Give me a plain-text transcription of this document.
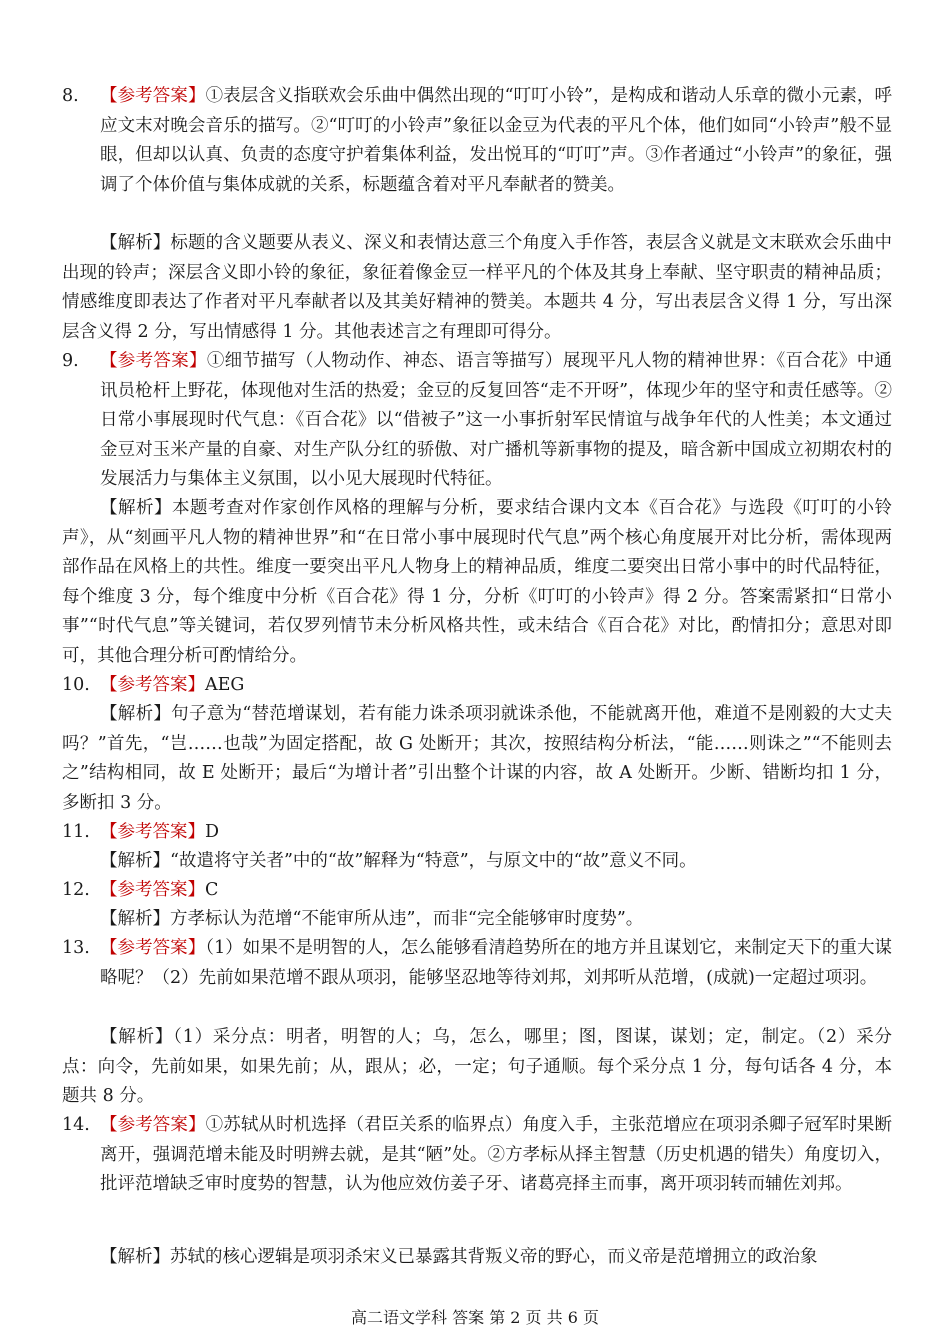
8.	【参考答案】①表层含义指联欢会乐曲中偶然出现的“叮叮小铃”，是构成和谐动人乐章的微小元素，呼应文末对晚会音乐的描写。②“叮叮的小铃声”象征以金豆为代表的平凡个体，他们如同“小铃声”般不显眼，但却以认真、负责的态度守护着集体利益，发出悦耳的“叮叮”声。③作者通过“小铃声”的象征，强调了个体价值与集体成就的关系，标题蕴含着对平凡奉献者的赞美。
【解析】标题的含义题要从表义、深义和表情达意三个角度入手作答，表层含义就是文末联欢会乐曲中出现的铃声；深层含义即小铃的象征，象征着像金豆一样平凡的个体及其身上奉献、坚守职责的精神品质；情感维度即表达了作者对平凡奉献者以及其美好精神的赞美。本题共 4 分，写出表层含义得 1 分，写出深层含义得 2 分，写出情感得 1 分。其他表述言之有理即可得分。
9.	【参考答案】①细节描写（人物动作、神态、语言等描写）展现平凡人物的精神世界：《百合花》中通讯员枪杆上野花，体现他对生活的热爱；金豆的反复回答“走不开呀”，体现少年的坚守和责任感等。②日常小事展现时代气息：《百合花》以“借被子”这一小事折射军民情谊与战争年代的人性美；本文通过金豆对玉米产量的自豪、对生产队分红的骄傲、对广播机等新事物的提及，暗含新中国成立初期农村的发展活力与集体主义氛围，以小见大展现时代特征。
【解析】本题考查对作家创作风格的理解与分析，要求结合课内文本《百合花》与选段《叮叮的小铃声》，从“刻画平凡人物的精神世界”和“在日常小事中展现时代气息”两个核心角度展开对比分析，需体现两部作品在风格上的共性。维度一要突出平凡人物身上的精神品质，维度二要突出日常小事中的时代品特征，每个维度 3 分，每个维度中分析《百合花》得 1 分，分析《叮叮的小铃声》得 2 分。答案需紧扣“日常小事”“时代气息”等关键词，若仅罗列情节未分析风格共性，或未结合《百合花》对比，酌情扣分；意思对即可，其他合理分析可酌情给分。
10. 【参考答案】AEG
【解析】句子意为“替范增谋划，若有能力诛杀项羽就诛杀他，不能就离开他，难道不是刚毅的大丈夫吗？”首先，“岂……也哉”为固定搭配，故 G 处断开；其次，按照结构分析法，“能……则诛之”“不能则去之”结构相同，故 E 处断开；最后“为增计者”引出整个计谋的内容，故 A 处断开。少断、错断均扣 1 分，多断扣 3 分。
11. 【参考答案】D
【解析】“故遣将守关者”中的“故”解释为“特意”，与原文中的“故”意义不同。
12. 【参考答案】C
【解析】方孝标认为范增“不能审所从违”，而非“完全能够审时度势”。
13. 【参考答案】（1）如果不是明智的人，怎么能够看清趋势所在的地方并且谋划它，来制定天下的重大谋略呢？（2）先前如果范增不跟从项羽，能够坚忍地等待刘邦，刘邦听从范增，(成就)一定超过项羽。
【解析】（1）采分点：明者，明智的人；乌，怎么，哪里；图，图谋，谋划；定，制定。（2）采分点：向令，先前如果，如果先前；从，跟从；必，一定；句子通顺。每个采分点 1 分，每句话各 4 分，本题共 8 分。
14. 【参考答案】①苏轼从时机选择（君臣关系的临界点）角度入手，主张范增应在项羽杀卿子冠军时果断离开，强调范增未能及时明辨去就，是其“陋”处。②方孝标从择主智慧（历史机遇的错失）角度切入，批评范增缺乏审时度势的智慧，认为他应效仿姜子牙、诸葛亮择主而事，离开项羽转而辅佐刘邦。
【解析】苏轼的核心逻辑是项羽杀宋义已暴露其背叛义帝的野心，而义帝是范增拥立的政治象
高二语文学科 答案 第 2 页 共 6 页
